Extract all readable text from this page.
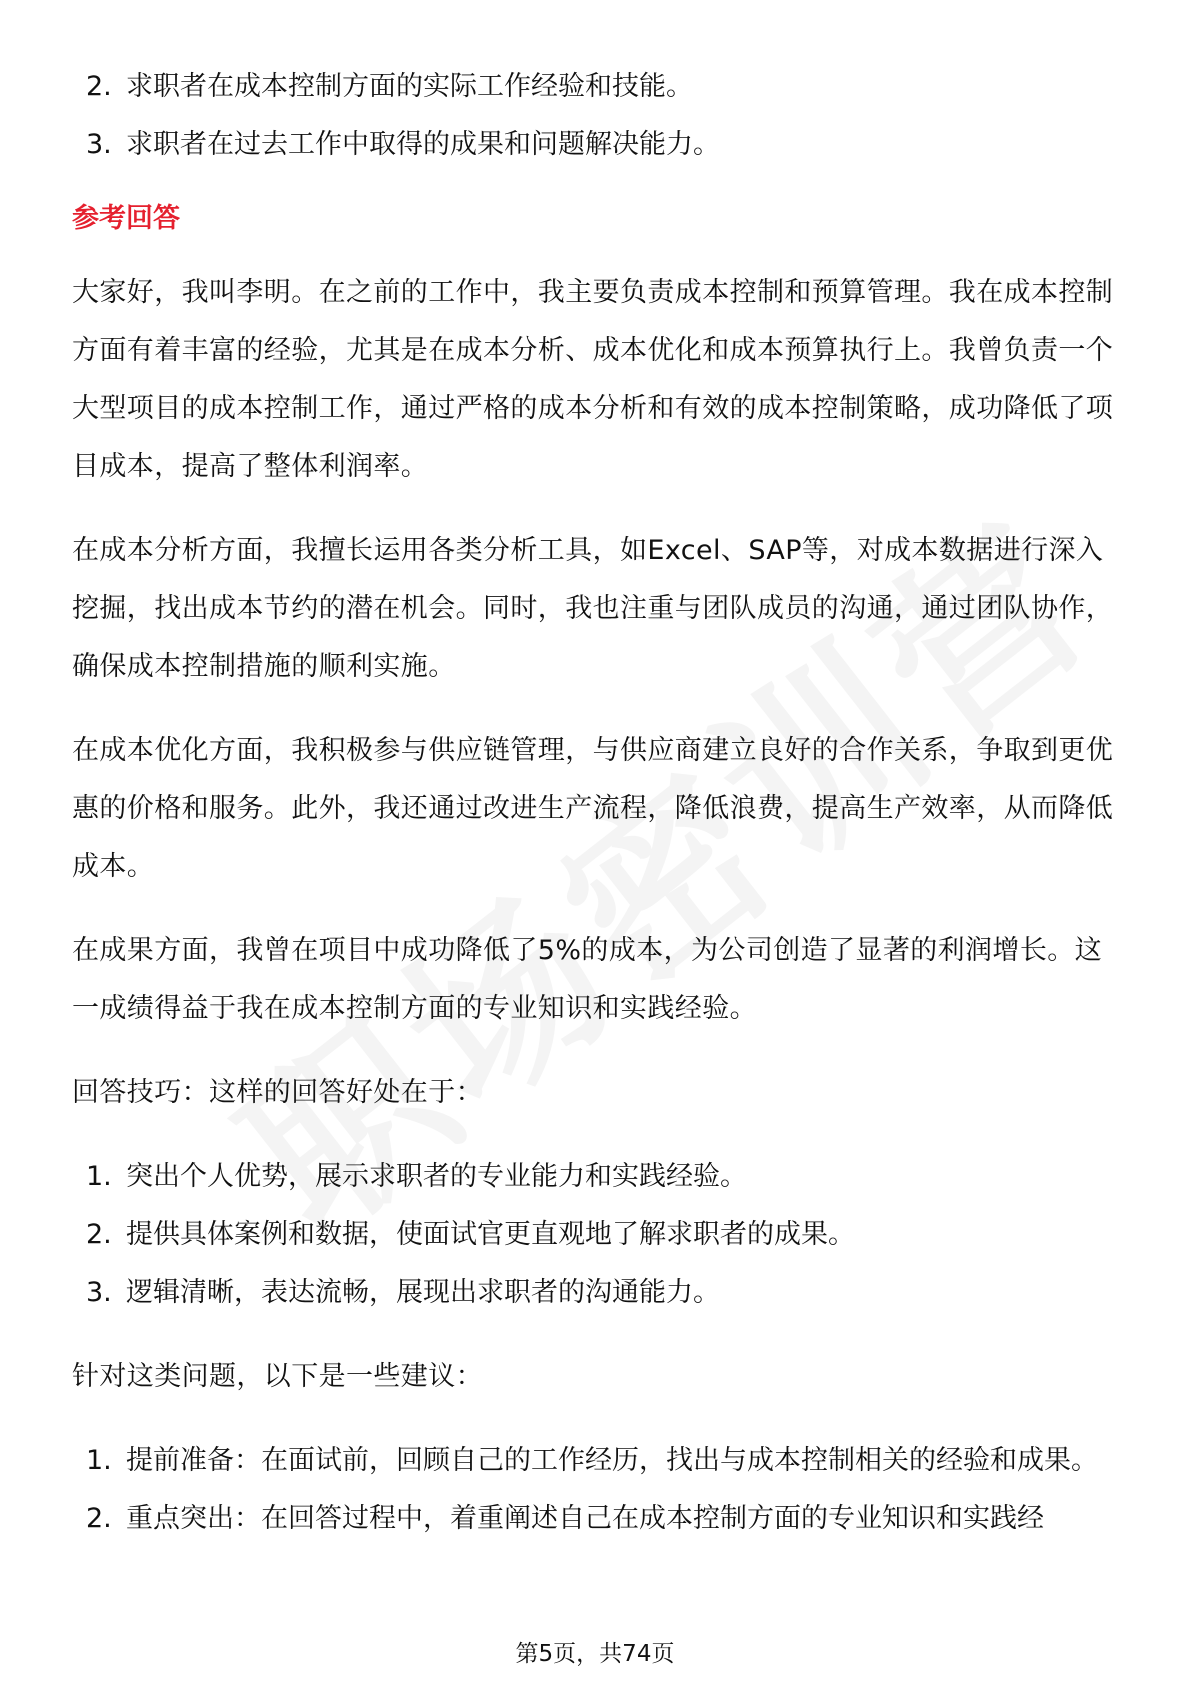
2. 求职者在成本控制方面的实际工作经验和技能。
3. 求职者在过去工作中取得的成果和问题解决能力。
参考回答

大家好，我叫李明。在之前的工作中，我主要负责成本控制和预算管理。我在成本控制方面有着丰富的经验，尤其是在成本分析、成本优化和成本预算执行上。我曾负责一个大型项目的成本控制工作，通过严格的成本分析和有效的成本控制策略，成功降低了项目成本，提高了整体利润率。

在成本分析方面，我擅长运用各类分析工具，如Excel、SAP等，对成本数据进行深入挖掘，找出成本节约的潜在机会。同时，我也注重与团队成员的沟通，通过团队协作，确保成本控制措施的顺利实施。

在成本优化方面，我积极参与供应链管理，与供应商建立良好的合作关系，争取到更优惠的价格和服务。此外，我还通过改进生产流程，降低浪费，提高生产效率，从而降低成本。

在成果方面，我曾在项目中成功降低了5%的成本，为公司创造了显著的利润增长。这一成绩得益于我在成本控制方面的专业知识和实践经验。

回答技巧：这样的回答好处在于：

1. 突出个人优势，展示求职者的专业能力和实践经验。
2. 提供具体案例和数据，使面试官更直观地了解求职者的成果。
3. 逻辑清晰，表达流畅，展现出求职者的沟通能力。

针对这类问题，以下是一些建议：

1. 提前准备：在面试前，回顾自己的工作经历，找出与成本控制相关的经验和成果。
2. 重点突出：在回答过程中，着重阐述自己在成本控制方面的专业知识和实践经
第5页，共74页
